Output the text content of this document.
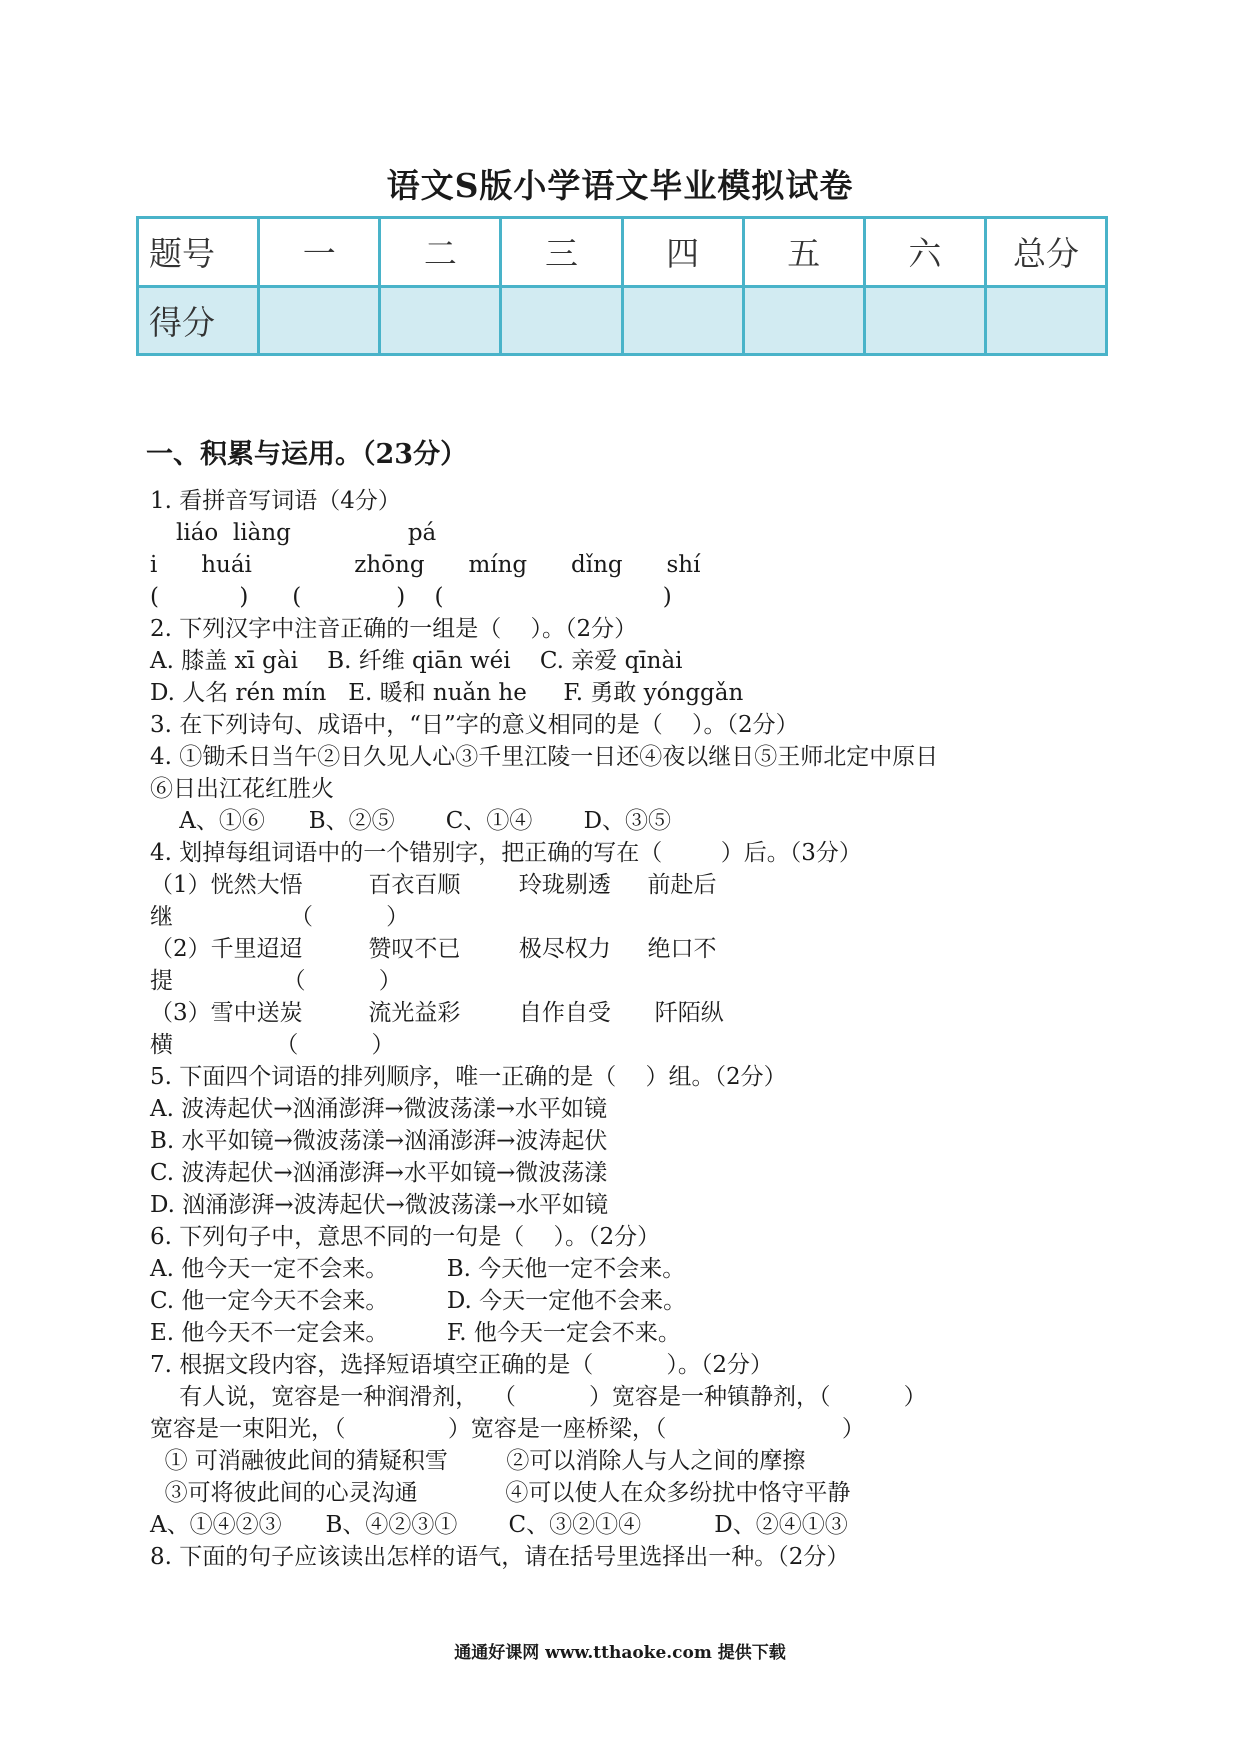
语文S版小学语文毕业模拟试卷
题号	一	二	三	四	五	六	总分
得分							
一、积累与运用。（23分）
1. 看拼音写词语（4分）
liáo  liàng                pá
i      huái              zhōng      míng      dǐng      shí
(           )      (             )    (                              )
2. 下列汉字中注音正确的一组是（    ）。（2分）
A. 膝盖 xī gài    B. 纤维 qiān wéi    C. 亲爱 qīnài
D. 人名 rén mín   E. 暖和 nuǎn he     F. 勇敢 yónggǎn
3. 在下列诗句、成语中，“日”字的意义相同的是（    ）。（2分）
4. ①锄禾日当午②日久见人心③千里江陵一日还④夜以继日⑤王师北定中原日
⑥日出江花红胜火
A、①⑥      B、②⑤       C、①④       D、③⑤
4. 划掉每组词语中的一个错别字，把正确的写在（        ）后。（3分）
（1）恍然大悟         百衣百顺        玲珑剔透     前赴后
继                （          ）
（2）千里迢迢         赞叹不已        极尽权力     绝口不
提               （          ）
（3）雪中送炭         流光益彩        自作自受      阡陌纵
横              （          ）
5. 下面四个词语的排列顺序，唯一正确的是（    ）组。（2分）
A. 波涛起伏→汹涌澎湃→微波荡漾→水平如镜
B. 水平如镜→微波荡漾→汹涌澎湃→波涛起伏
C. 波涛起伏→汹涌澎湃→水平如镜→微波荡漾
D. 汹涌澎湃→波涛起伏→微波荡漾→水平如镜
6. 下列句子中，意思不同的一句是（    ）。（2分）
A. 他今天一定不会来。        B. 今天他一定不会来。
C. 他一定今天不会来。        D. 今天一定他不会来。
E. 他今天不一定会来。        F. 他今天一定会不来。
7. 根据文段内容，选择短语填空正确的是（          ）。（2分）
有人说，宽容是一种润滑剂，  （          ）宽容是一种镇静剂，（          ）
宽容是一束阳光，（              ）宽容是一座桥梁，（                        ）
① 可消融彼此间的猜疑积雪        ②可以消除人与人之间的摩擦
③可将彼此间的心灵沟通            ④可以使人在众多纷扰中恪守平静
A、①④②③      B、④②③①       C、③②①④          D、②④①③
8. 下面的句子应该读出怎样的语气，请在括号里选择出一种。（2分）
通通好课网 www.tthaoke.com 提供下载
